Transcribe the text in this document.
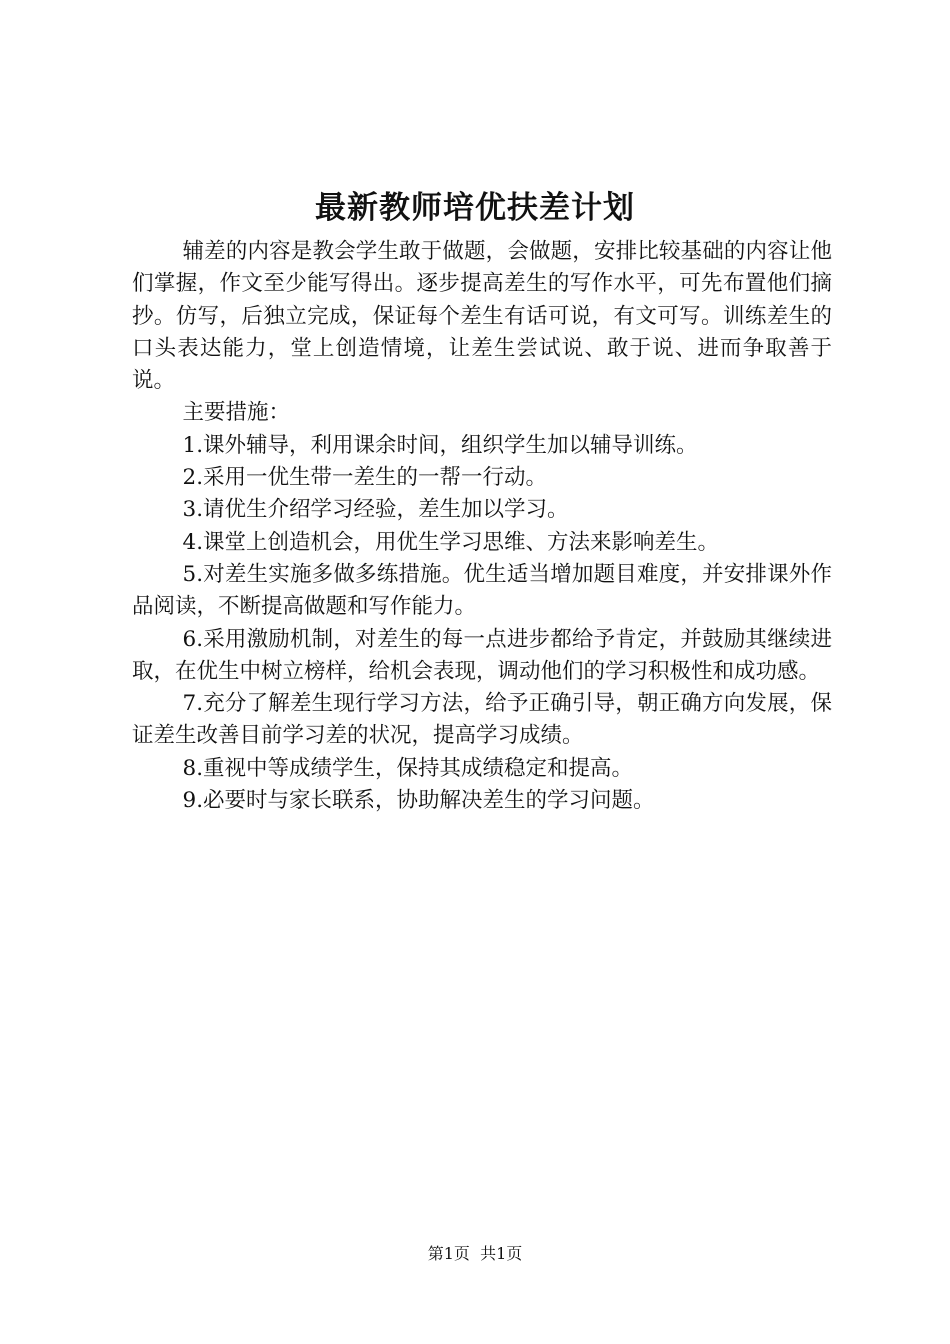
最新教师培优扶差计划

辅差的内容是教会学生敢于做题，会做题，安排比较基础的内容让他们掌握，作文至少能写得出。逐步提高差生的写作水平，可先布置他们摘抄。仿写，后独立完成，保证每个差生有话可说，有文可写。训练差生的口头表达能力，堂上创造情境，让差生尝试说、敢于说、进而争取善于说。

主要措施：

1.课外辅导，利用课余时间，组织学生加以辅导训练。

2.采用一优生带一差生的一帮一行动。

3.请优生介绍学习经验，差生加以学习。

4.课堂上创造机会，用优生学习思维、方法来影响差生。

5.对差生实施多做多练措施。优生适当增加题目难度，并安排课外作品阅读，不断提高做题和写作能力。

6.采用激励机制，对差生的每一点进步都给予肯定，并鼓励其继续进取，在优生中树立榜样，给机会表现，调动他们的学习积极性和成功感。

7.充分了解差生现行学习方法，给予正确引导，朝正确方向发展，保证差生改善目前学习差的状况，提高学习成绩。

8.重视中等成绩学生，保持其成绩稳定和提高。

9.必要时与家长联系，协助解决差生的学习问题。

第1页 共1页
